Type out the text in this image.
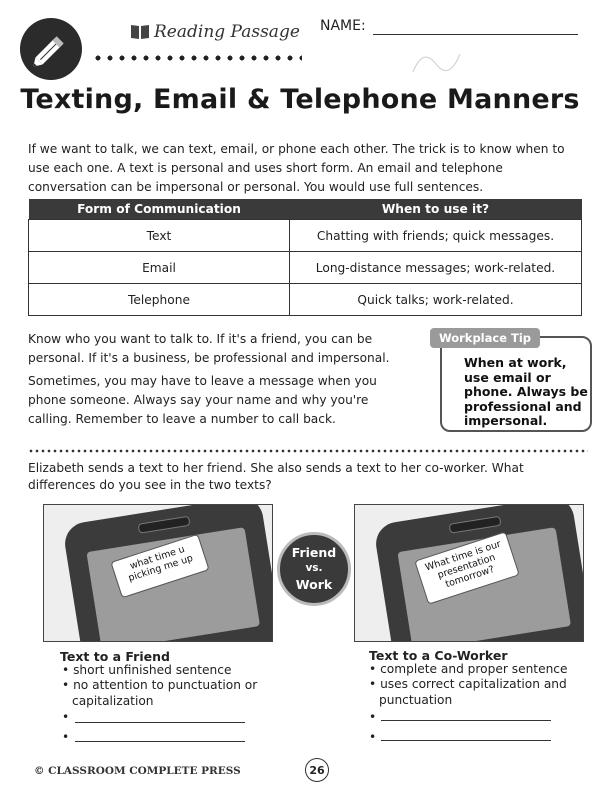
Reading Passage NAME:
Texting, Email & Telephone Manners
If we want to talk, we can text, email, or phone each other. The trick is to know when to use each one. A text is personal and uses short form. An email and telephone conversation can be impersonal or personal. You would use full sentences.
Form of Communication	When to use it?
Text	Chatting with friends; quick messages.
Email	Long-distance messages; work-related.
Telephone	Quick talks; work-related.
Know who you want to talk to. If it's a friend, you can be personal. If it's a business, be professional and impersonal.
Sometimes, you may have to leave a message when you phone someone. Always say your name and why you're calling. Remember to leave a number to call back.
Workplace Tip
When at work, use email or phone. Always be professional and impersonal.
Elizabeth sends a text to her friend. She also sends a text to her co-worker. What differences do you see in the two texts?
what time u picking me up
Friend
vs.
Work
What time is our presentation tomorrow?
Text to a Friend
• short unfinished sentence
• no attention to punctuation or capitalization
•
•
Text to a Co-Worker
• complete and proper sentence
• uses correct capitalization and punctuation
•
•
© CLASSROOM COMPLETE PRESS	26
